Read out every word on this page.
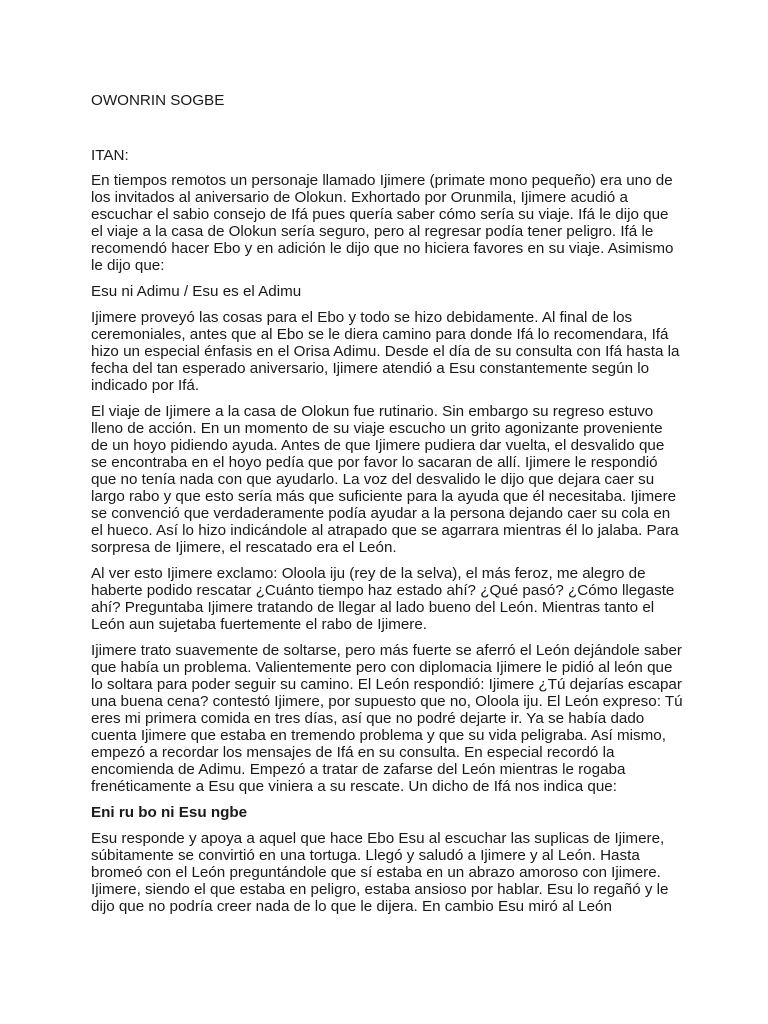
OWONRIN SOGBE
ITAN:

En tiempos remotos un personaje llamado Ijimere (primate mono pequeño) era uno de los invitados al aniversario de Olokun. Exhortado por Orunmila, Ijimere acudió a escuchar el sabio consejo de Ifá pues quería saber cómo sería su viaje. Ifá le dijo que el viaje a la casa de Olokun sería seguro, pero al regresar podía tener peligro. Ifá le recomendó hacer Ebo y en adición le dijo que no hiciera favores en su viaje. Asimismo le dijo que:

Esu ni Adimu / Esu es el Adimu

Ijimere proveyó las cosas para el Ebo y todo se hizo debidamente. Al final de los ceremoniales, antes que al Ebo se le diera camino para donde Ifá lo recomendara, Ifá hizo un especial énfasis en el Orisa Adimu. Desde el día de su consulta con Ifá hasta la fecha del tan esperado aniversario, Ijimere atendió a Esu constantemente según lo indicado por Ifá.

El viaje de Ijimere a la casa de Olokun fue rutinario. Sin embargo su regreso estuvo lleno de acción. En un momento de su viaje escucho un grito agonizante proveniente de un hoyo pidiendo ayuda. Antes de que Ijimere pudiera dar vuelta, el desvalido que se encontraba en el hoyo pedía que por favor lo sacaran de allí. Ijimere le respondió que no tenía nada con que ayudarlo. La voz del desvalido le dijo que dejara caer su largo rabo y que esto sería más que suficiente para la ayuda que él necesitaba. Ijimere se convenció que verdaderamente podía ayudar a la persona dejando caer su cola en el hueco. Así lo hizo indicándole al atrapado que se agarrara mientras él lo jalaba. Para sorpresa de Ijimere, el rescatado era el León.

Al ver esto Ijimere exclamo: Oloola iju (rey de la selva), el más feroz, me alegro de haberte podido rescatar ¿Cuánto tiempo haz estado ahí? ¿Qué pasó? ¿Cómo llegaste ahí? Preguntaba Ijimere tratando de llegar al lado bueno del León. Mientras tanto el León aun sujetaba fuertemente el rabo de Ijimere.

Ijimere trato suavemente de soltarse, pero más fuerte se aferró el León dejándole saber que había un problema. Valientemente pero con diplomacia Ijimere le pidió al león que lo soltara para poder seguir su camino. El León respondió: Ijimere ¿Tú dejarías escapar una buena cena? contestó Ijimere, por supuesto que no, Oloola iju. El León expreso: Tú eres mi primera comida en tres días, así que no podré dejarte ir. Ya se había dado cuenta Ijimere que estaba en tremendo problema y que su vida peligraba. Así mismo, empezó a recordar los mensajes de Ifá en su consulta. En especial recordó la encomienda de Adimu. Empezó a tratar de zafarse del León mientras le rogaba frenéticamente a Esu que viniera a su rescate. Un dicho de Ifá nos indica que:

Eni ru bo ni Esu ngbe

Esu responde y apoya a aquel que hace Ebo Esu al escuchar las suplicas de Ijimere, súbitamente se convirtió en una tortuga. Llegó y saludó a Ijimere y al León. Hasta bromeó con el León preguntándole que sí estaba en un abrazo amoroso con Ijimere. Ijimere, siendo el que estaba en peligro, estaba ansioso por hablar. Esu lo regañó y le dijo que no podría creer nada de lo que le dijera. En cambio Esu miró al León
